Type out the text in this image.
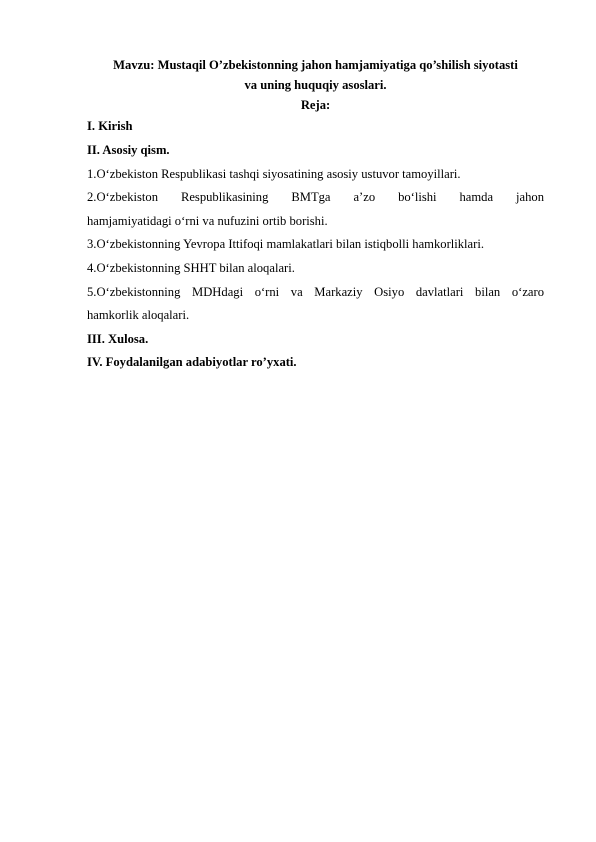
Mavzu: Mustaqil O’zbekistonning jahon hamjamiyatiga qo’shilish siyotasti
va uning huquqiy asoslari.

Reja:

I. Kirish

II. Asosiy qism.

1.O‘zbekiston Respublikasi tashqi siyosatining asosiy ustuvor tamoyillari.

2.O‘zbekiston Respublikasining BMTga a’zo bo‘lishi hamda jahon
hamjamiyatidagi o‘rni va nufuzini ortib borishi.

3.O‘zbekistonning Yevropa Ittifoqi mamlakatlari bilan istiqbolli hamkorliklari.

4.O‘zbekistonning SHHT bilan aloqalari.

5.O‘zbekistonning MDHdagi o‘rni va Markaziy Osiyo davlatlari bilan o‘zaro
hamkorlik aloqalari.

III. Xulosa.

IV. Foydalanilgan adabiyotlar ro’yxati.
